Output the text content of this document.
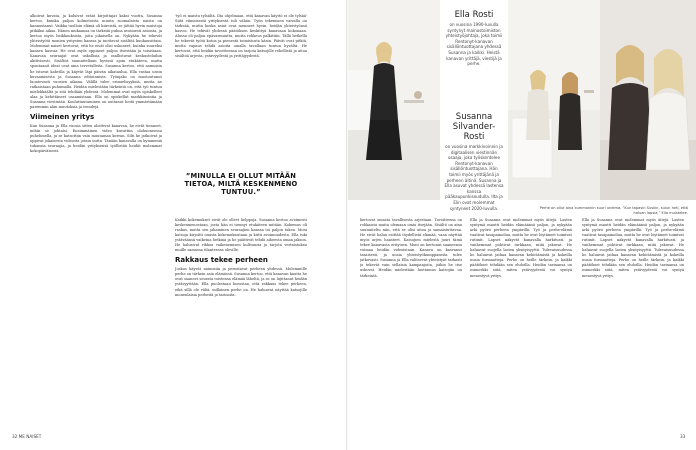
alkoivat kuvata, ja kuluivat eräät kirjoittajat kaksi vuotta, Susanna kertoo, kuinka paljon kolmetoista muuta suomalaista naista on kannustanut. Vaikka tuolloin elämä oli kiireistä, se jättää hyvin muistoja pitkäksi aikaa. Hänen mukaansa on tärkeää puhua avoimesti asioista, ja kertoa myös heikkouksista, joita jokaisella on. Nykyään he tekevät yhteistyötä monien yritysten kanssa ja tuottavat sisältöä kuukausittain. Molemmat naiset kertovat, että he eivät olisi uskoneet, kuinka suureksi kanava kasvaa. He ovat myös oppineet paljon itsestään ja toisistaan. Kanavan seuraajat ovat uskollisia ja osallistuvat keskusteluihin aktiivisesti. Sisältöä suunnitellaan hyvissä ajoin etukäteen, mutta spontaanit ideat ovat aina tervetulleita. Susanna kertoo, että aamuisin he istuvat kahvilla ja käyvät läpi päivän aikataulua. Ella vastaa usein kuvaamisesta ja Susanna editoinnista. Työnjako on muotoutunut luontevasti vuosien aikana. Välillä tulee erimielisyyksiä, mutta ne ratkaistaan puhumalla. Heidän mielestään tärkeintä on, että työ tuntuu mielekkäältä ja sitä tehdään yhdessä. Molemmat ovat myös opiskelleet alaa ja kehittäneet osaamistaan. Ella on opiskellut markkinointia ja Susanna viestintää. Kouluttautuminen on auttanut heitä ymmärtämään paremmin alan muutoksia ja trendejä.

Viimeinen yritys

Kun Susanna ja Ella vuosia sitten aloittivat kanavan, he eivät tienneet, mihin se johtaisi. Ensimmäinen video kuvattiin olohuoneessa puhelimella, ja se katsottiin vain muutaman kerran. Silti he jatkoivat ja oppivat jokaisesta videosta jotain uutta. Tänään kanavalla on kymmeniä tuhansia seuraajia, ja heidän yrityksensä työllistää heidät molemmat kokopäiväisesti.

'työ ei maistu tylsältä. Ilta ohjelmaan, että kanavan käyttö ei ole tylsää' Siitä viimeisestä yrityksestä tuli vähän. Työn tekemisen vaivalla on tärkeää, mutta koska asiat ovat menneet hyvin, heidän yhteistyönsä kasvoi. He tekivät yhdessä päätöksen keskittyä kanavaan kokonaan. Alussa oli paljon epävarmuutta, mutta rohkeus palkittiin. Tällä hetkellä he tekevät työtä kotoa ja pienestä toimistosta käsin. Päivät ovat pitkiä, mutta vapaus tehdä asioita omalla tavallaan tuntuu hyvältä. He kertovat, että heidän tavoitteensa on tarjota katsojille rehellistä ja aitoa sisältöä arjesta, ystävyydestä ja yrittäjyydestä.

”MINULLA EI OLLUT MITÄÄN TIETOA, MILTÄ KESKENMENO TUNTUU.”

Kaikki kokemukset eivät ole olleet helppoja. Susanna kertoo avoimesti keskenmenostaan, josta hän ei tiennyt etukäteen mitään. Kokemus oli raskas, mutta sen jakaminen seuraajien kanssa toi paljon tukea. Moni katsoja kirjoitti omista kokemuksistaan ja kiitti avoimuudesta. Ella tuki ystäväänsä vaikeina hetkinä ja he päättivät tehdä aiheesta oman jakson. He halusivat rikkoa vaikenemisen kulttuuria ja tarjota vertaistukea muille samassa tilanteessa oleville.

Rakkaus tekee perheen

Joskus käyvät naimisiin ja perustavat perheen yhdessä. Molemmille perhe on tärkein asia elämässä. Susanna kertoo, että kanavan kautta he ovat saaneet seurata toistensa elämää läheltä, ja se on lujittanut heidän ystävyyttään. Ella puolestaan korostaa, että rakkaus tekee perheen, eikä sillä ole väliä, millainen perhe on. He haluavat näyttää katsojille monenlaisia perheitä ja tarinoita.

32 ME NAISET
Ella Rosti
on vuosina 1990-luvulla syntynyt mainostoimiston yhteistyöjohtaja, joka toimii Rentonyt-kanavan sisällöntuottajana yhdessä Susanna ja kaikki. Heistä kanavan yrittäjä, viestijä ja perhe.
Susanna Silvander-Rosti
on vuosina markkinoinnin ja digitaalisen viestinnän osaaja, joka työskentelee Rentonyt-kanavan sisällöntuottajana. Hän toimii myös yrittäjänä ja perheen äitinä. Susanna ja Ella asuvat yhdessä lastensa kanssa pääkaupunkiseudulla. Ilta ja Elin ovat molemmat syntyneet 2020-luvulla.	Perhe on ollut aina kummankin suuri unelma. ”Kun tapasin Suskin, sulun heti, että haluan lapsia,” Ella muistelee.

kertovat omasta tavallisesta arjestaan. Tavoitteena on rohkaista muita olemaan omia itsejään. Sisältö on aina suunniteltu niin, että se olisi aitoa ja samaistuttavaa. He eivät halua esittää täydellistä elämää, vaan näyttää myös arjen haasteet. Katsojien mielestä juuri tämä tekee kanavasta erityisen. Moni on kertonut saaneensa voimaa heidän videoistaan. Kanava on kasvanut tasaisesti, ja uusia yhteistyökumppaneita tulee jatkuvasti. Susanna ja Ella valitsevat yhteistyöt tarkasti ja tekevät vain sellaisia kampanjoita, joihin he itse uskovat. Heidän mielestään luottamus katsojiin on tärkeintä.

Ella ja Susanna ovat molemmat myös äitejä. Lasten syntymä muutti heidän elämäänsä paljon, ja nykyään arki pyörii perheen ympärillä. Työ ja perhe-elämä vaativat tasapainoilua, mutta he ovat löytäneet toimivat rutiinit. Lapset näkyvät kanavalla harkitusti, ja vanhemmat pohtivat tarkkaan, mitä jakavat. He haluavat suojella lasten yksityisyyttä. Tulevaisuudessa he haluavat jatkaa kanavan kehittämistä ja kokeilla uusia formaatteja. Perhe on heille tärkein, ja kaikki päätökset tehdään sen ehdoilla. Heidän tarinansa on esimerkki siitä, miten ystävyydestä voi syntyä menestyvä yritys.

Ella ja Susanna ovat molemmat myös äitejä. Lasten syntymä muutti heidän elämäänsä paljon, ja nykyään arki pyörii perheen ympärillä. Työ ja perhe-elämä vaativat tasapainoilua, mutta he ovat löytäneet toimivat rutiinit. Lapset näkyvät kanavalla harkitusti, ja vanhemmat pohtivat tarkkaan, mitä jakavat. He haluavat suojella lasten yksityisyyttä. Tulevaisuudessa he haluavat jatkaa kanavan kehittämistä ja kokeilla uusia formaatteja. Perhe on heille tärkein, ja kaikki päätökset tehdään sen ehdoilla. Heidän tarinansa on esimerkki siitä, miten ystävyydestä voi syntyä menestyvä yritys.

33
